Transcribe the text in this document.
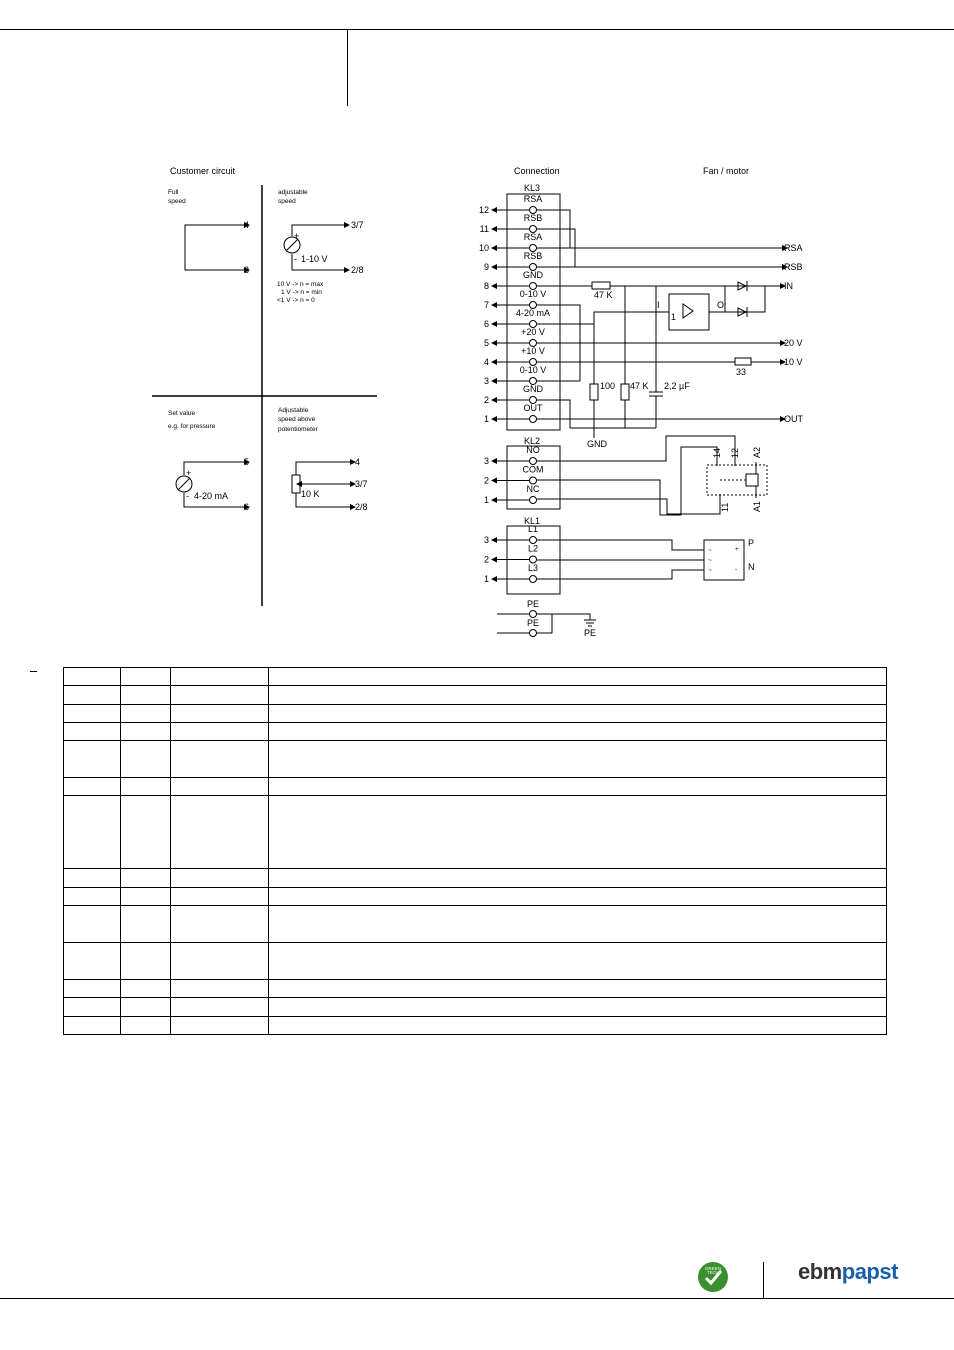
Customer circuit	Connection	Fan / motor
Full
speed
4
3
adjustable
speed
+
- 1-10 V
3/7
2/8
10 V -> n = max
1 V -> n = min
<1 V -> n = 0
Set value
e.g. for pressure
+
- 4-20 mA
5
6
Adjustable
speed above
potentiometer
10 K
4
3/7
2/8
KL3
RSA
12
RSB
11
RSA
10
RSB
9
GND
8
0-10 V
7
4-20 mA
6
+20 V
5
+10 V
4
0-10 V
3
GND
2
OUT
1
KL2
NO
3
COM
2
NC
1
KL1
L1
3
L2
2
L3
1
PE
PE
PE
RSA
RSB
IN
47 K
I	O
1
100 47 K 2,2 µF
GND
20 V
10 V
33
OUT
14 12 A2
11 A1
~
~
~
+
-
P
N

GREEN
TECH	ebmpapst
